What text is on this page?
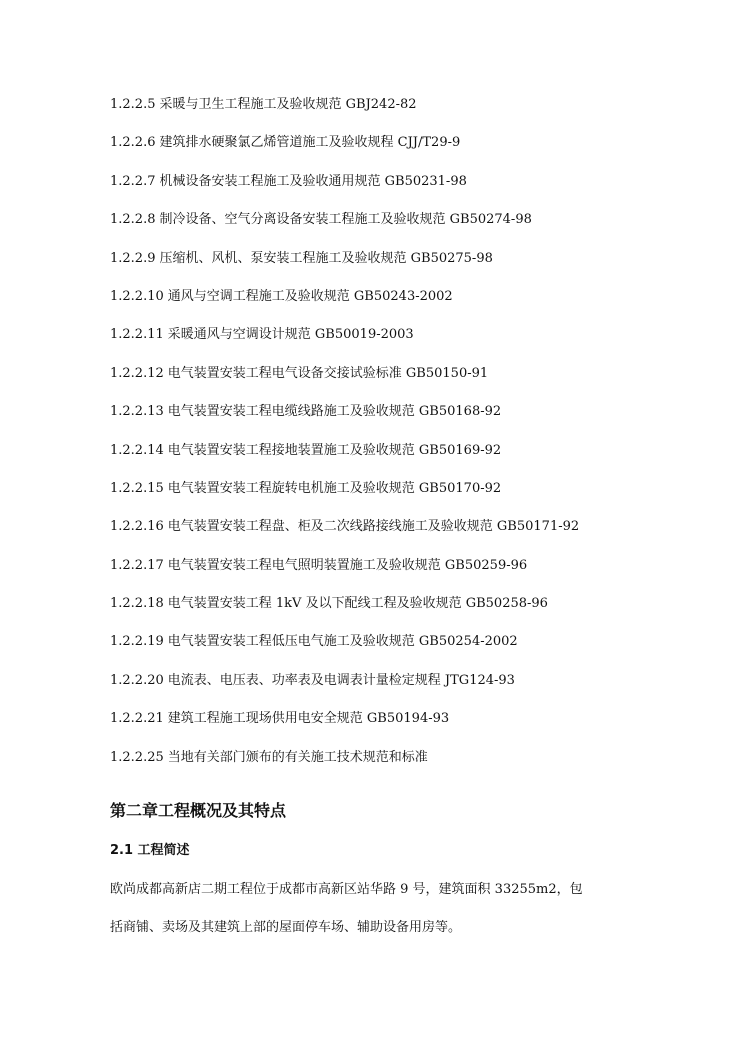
1.2.2.5 采暖与卫生工程施工及验收规范 GBJ242-82
1.2.2.6 建筑排水硬聚氯乙烯管道施工及验收规程 CJJ/T29-9
1.2.2.7 机械设备安装工程施工及验收通用规范 GB50231-98
1.2.2.8 制冷设备、空气分离设备安装工程施工及验收规范 GB50274-98
1.2.2.9 压缩机、风机、泵安装工程施工及验收规范 GB50275-98
1.2.2.10 通风与空调工程施工及验收规范 GB50243-2002
1.2.2.11 采暖通风与空调设计规范 GB50019-2003
1.2.2.12 电气装置安装工程电气设备交接试验标准 GB50150-91
1.2.2.13 电气装置安装工程电缆线路施工及验收规范 GB50168-92
1.2.2.14 电气装置安装工程接地装置施工及验收规范 GB50169-92
1.2.2.15 电气装置安装工程旋转电机施工及验收规范 GB50170-92
1.2.2.16 电气装置安装工程盘、柜及二次线路接线施工及验收规范 GB50171-92
1.2.2.17 电气装置安装工程电气照明装置施工及验收规范 GB50259-96
1.2.2.18 电气装置安装工程 1kV 及以下配线工程及验收规范 GB50258-96
1.2.2.19 电气装置安装工程低压电气施工及验收规范 GB50254-2002
1.2.2.20 电流表、电压表、功率表及电调表计量检定规程 JTG124-93
1.2.2.21 建筑工程施工现场供用电安全规范 GB50194-93
1.2.2.25 当地有关部门颁布的有关施工技术规范和标准
第二章工程概况及其特点
2.1 工程简述

欧尚成都高新店二期工程位于成都市高新区站华路 9 号，建筑面积 33255m2，包

括商铺、卖场及其建筑上部的屋面停车场、辅助设备用房等。
